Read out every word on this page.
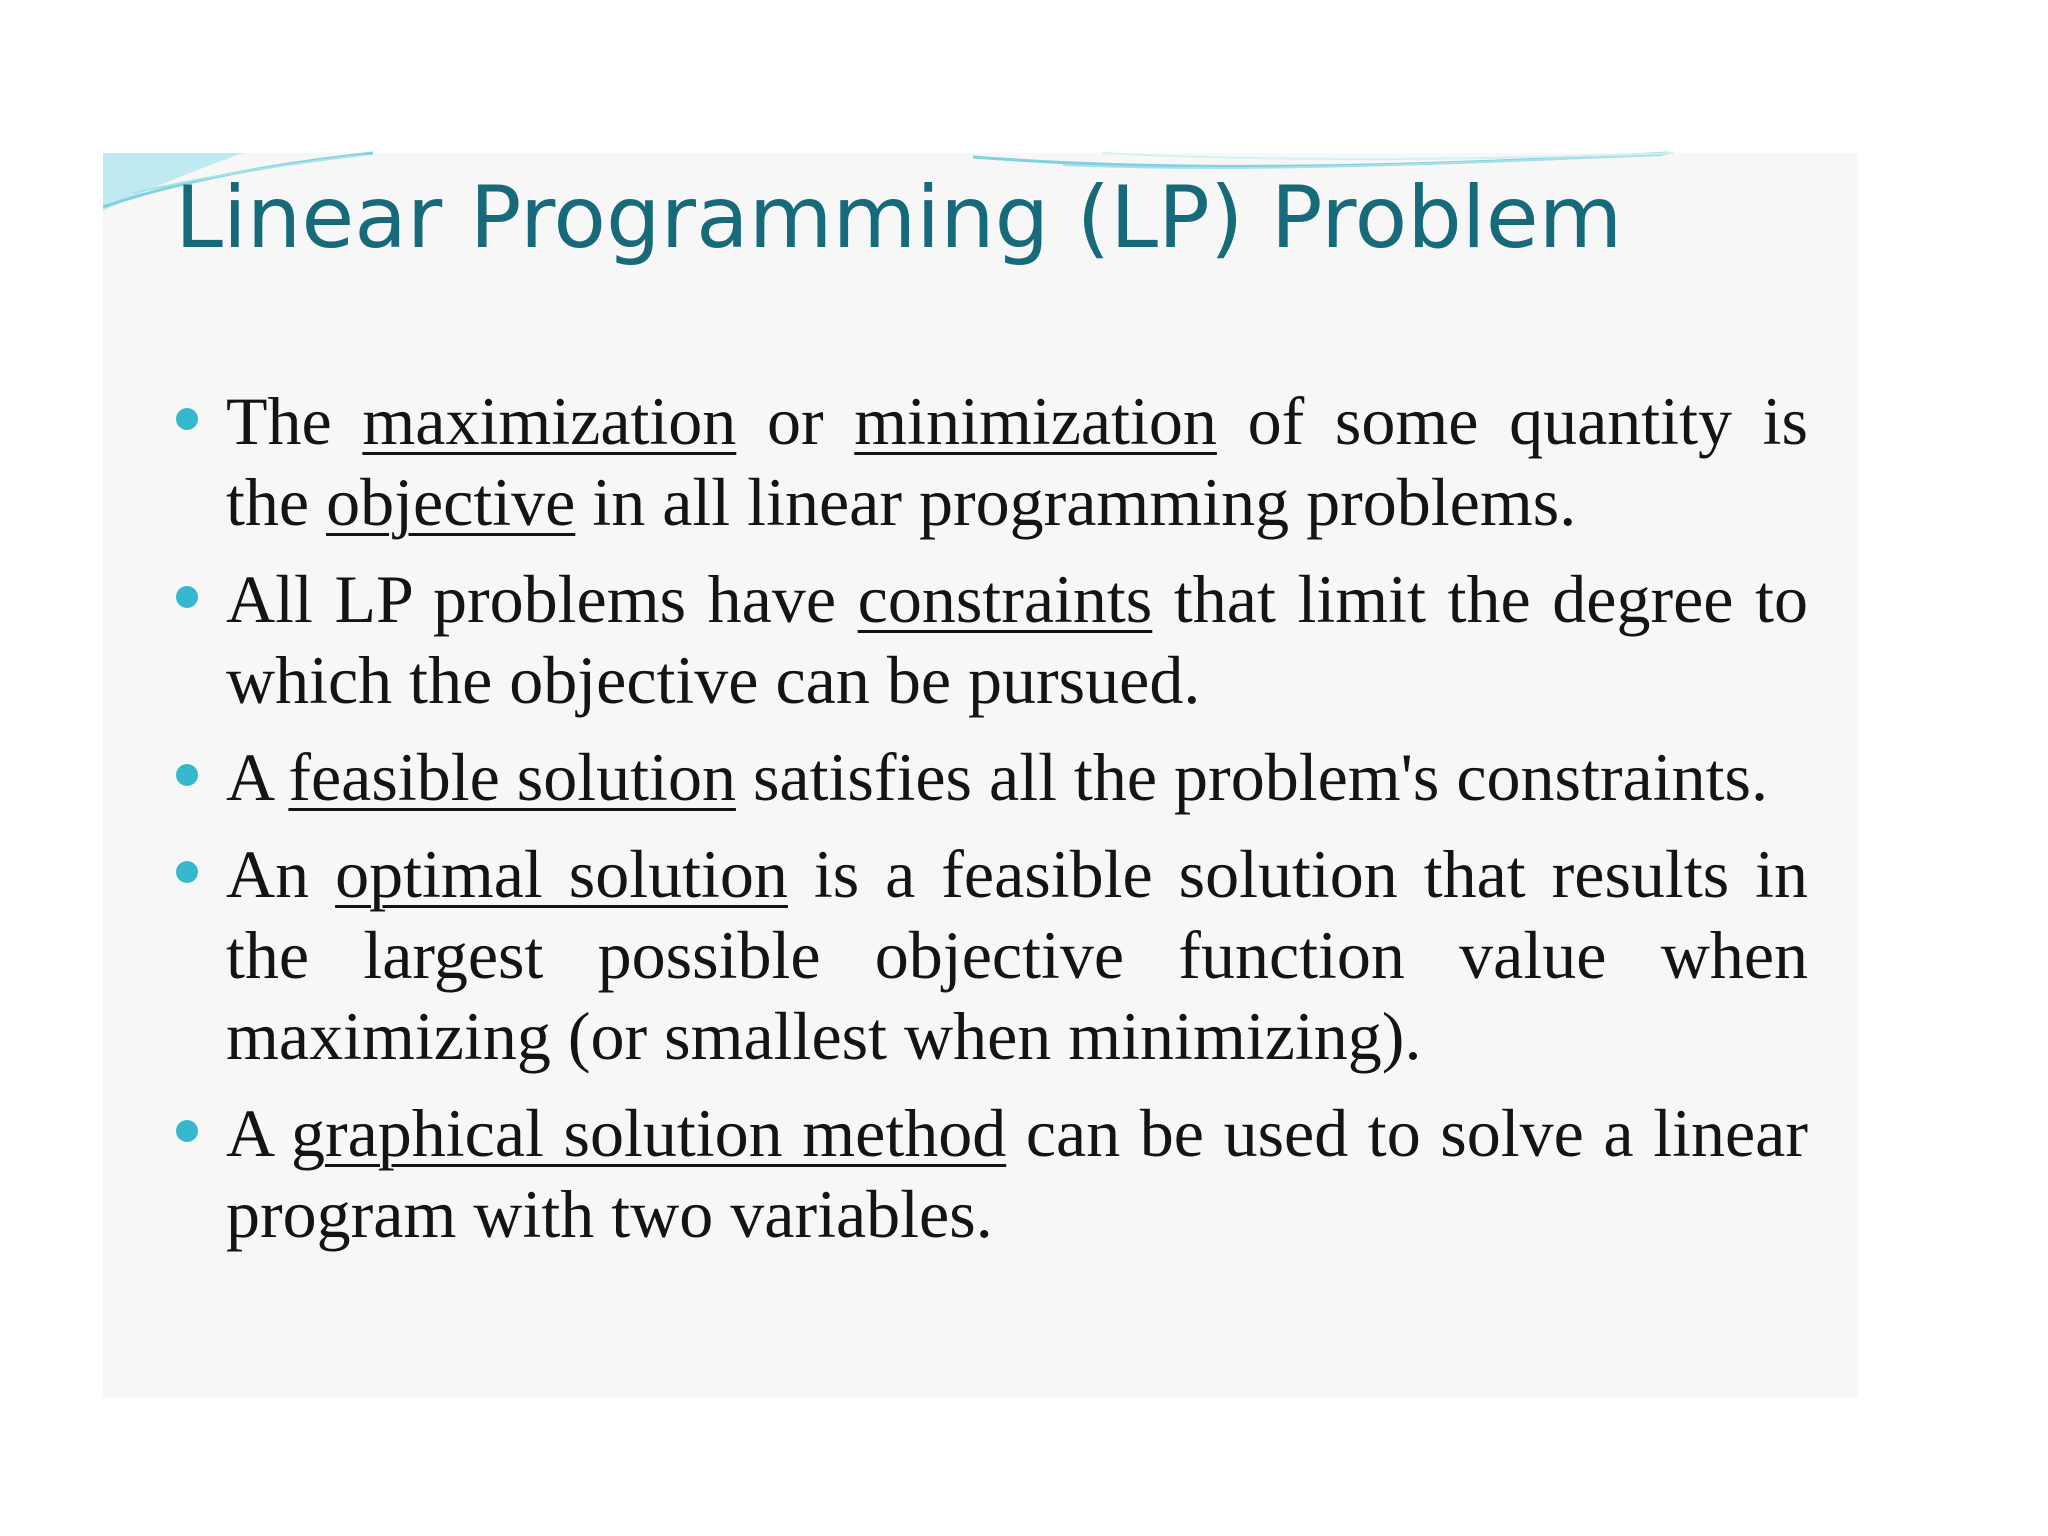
Linear Programming (LP) Problem
The maximization or minimization of some quantity is the objective in all linear programming problems.
All LP problems have constraints that limit the degree to which the objective can be pursued.
A feasible solution satisfies all the problem's constraints.
An optimal solution is a feasible solution that results in the largest possible objective function value when maximizing (or smallest when minimizing).
A graphical solution method can be used to solve a linear program with two variables.
